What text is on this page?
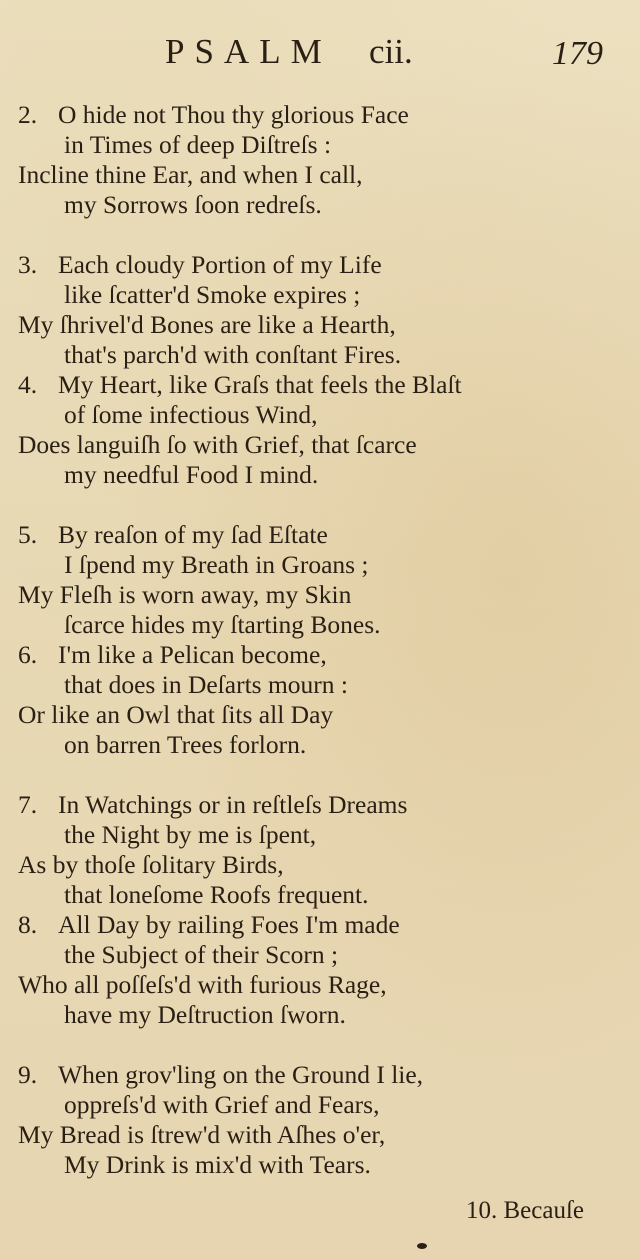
PSALM cii.	179
2. O hide not Thou thy glorious Face
in Times of deep Diſtreſs :
Incline thine Ear, and when I call,
my Sorrows ſoon redreſs.
3. Each cloudy Portion of my Life
like ſcatter'd Smoke expires ;
My ſhrivel'd Bones are like a Hearth,
that's parch'd with conſtant Fires.
4. My Heart, like Graſs that feels the Blaſt
of ſome infectious Wind,
Does languiſh ſo with Grief, that ſcarce
my needful Food I mind.
5. By reaſon of my ſad Eſtate
I ſpend my Breath in Groans ;
My Fleſh is worn away, my Skin
ſcarce hides my ſtarting Bones.
6. I'm like a Pelican become,
that does in Deſarts mourn :
Or like an Owl that ſits all Day
on barren Trees forlorn.
7. In Watchings or in reſtleſs Dreams
the Night by me is ſpent,
As by thoſe ſolitary Birds,
that loneſome Roofs frequent.
8. All Day by railing Foes I'm made
the Subject of their Scorn ;
Who all poſſeſs'd with furious Rage,
have my Deſtruction ſworn.
9. When grov'ling on the Ground I lie,
oppreſs'd with Grief and Fears,
My Bread is ſtrew'd with Aſhes o'er,
My Drink is mix'd with Tears.
10. Becauſe
